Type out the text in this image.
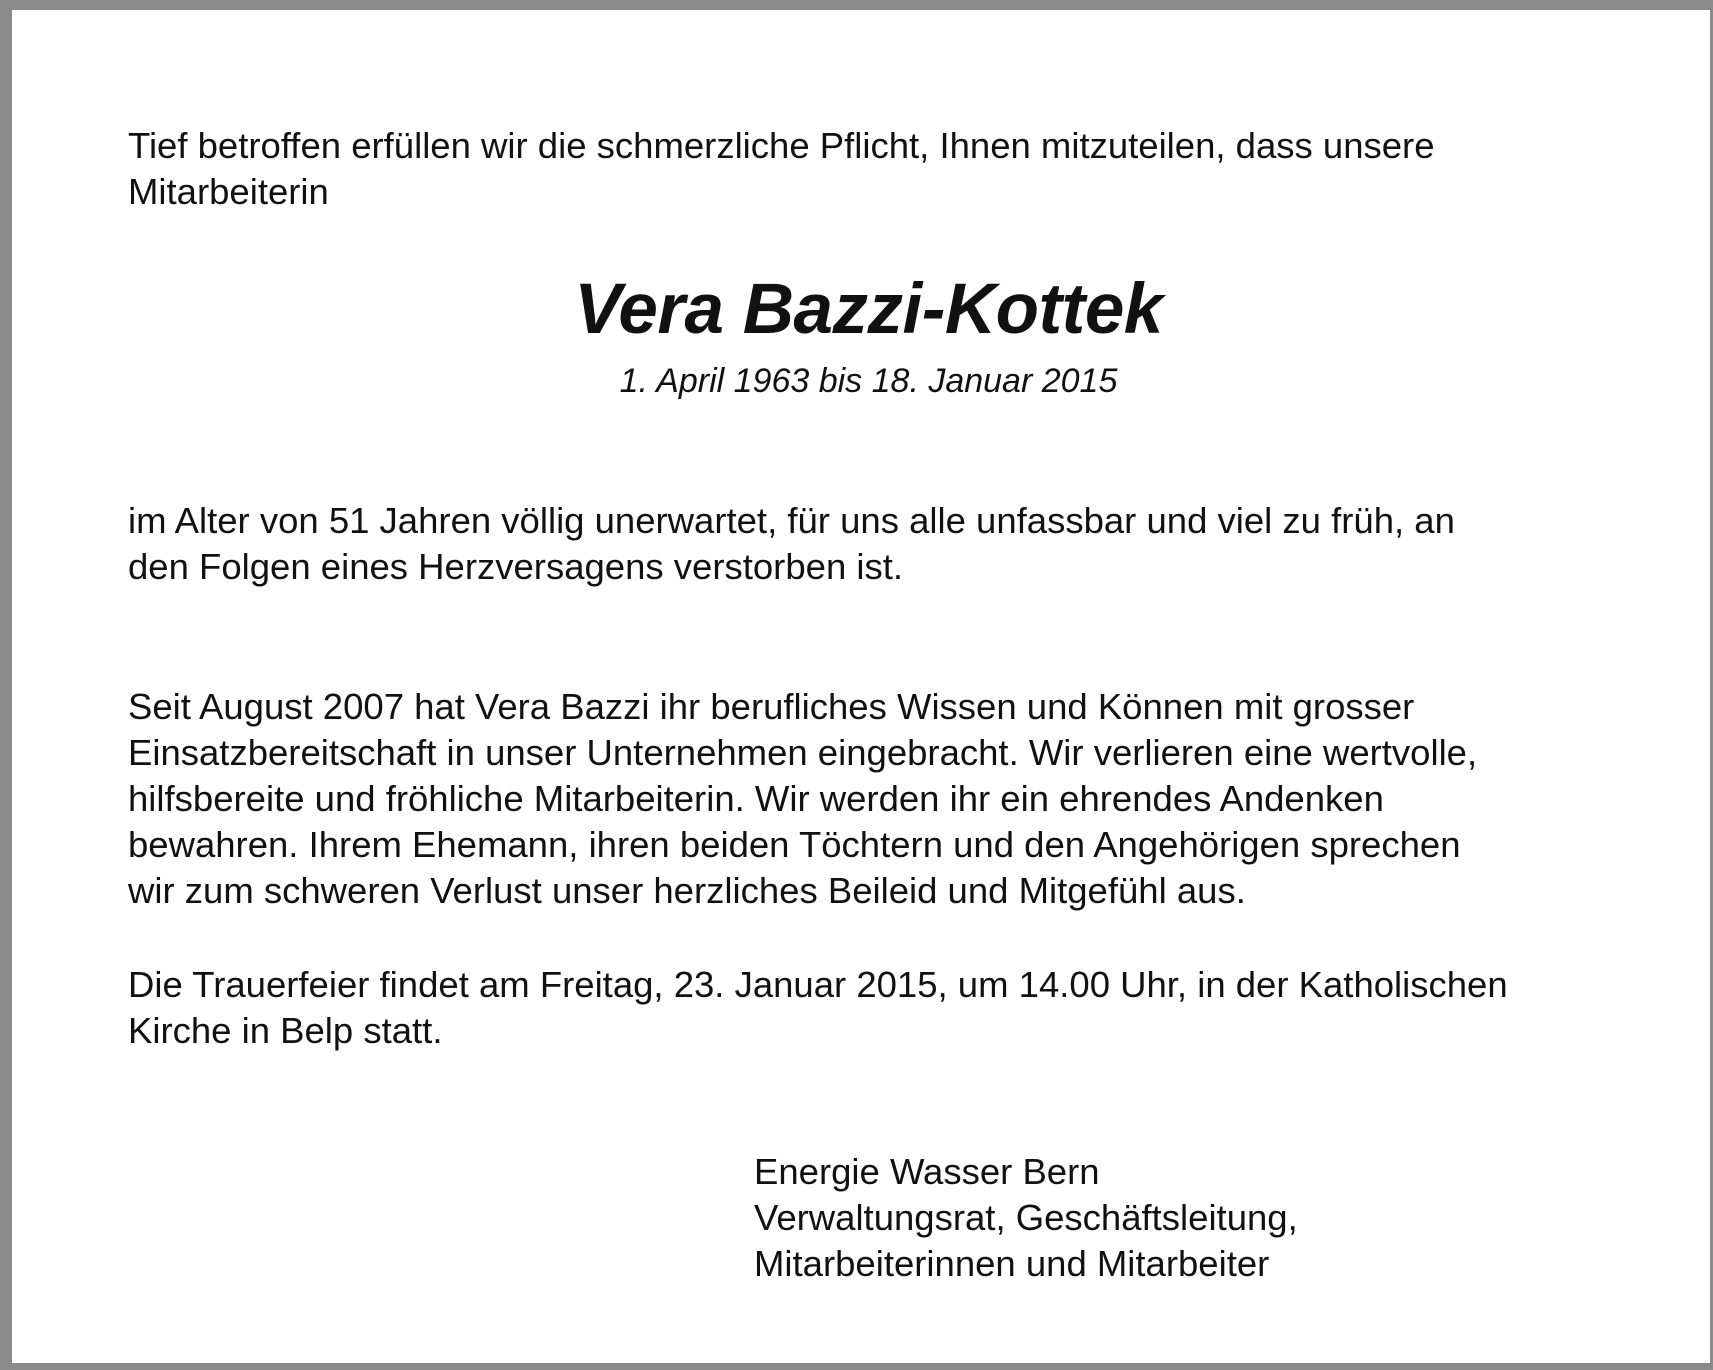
Tief betroffen erfüllen wir die schmerzliche Pflicht, Ihnen mitzuteilen, dass unsere
Mitarbeiterin

Vera Bazzi-Kottek

1. April 1963 bis 18. Januar 2015

im Alter von 51 Jahren völlig unerwartet, für uns alle unfassbar und viel zu früh, an
den Folgen eines Herzversagens verstorben ist.

Seit August 2007 hat Vera Bazzi ihr berufliches Wissen und Können mit grosser
Einsatzbereitschaft in unser Unternehmen eingebracht. Wir verlieren eine wertvolle,
hilfsbereite und fröhliche Mitarbeiterin. Wir werden ihr ein ehrendes Andenken
bewahren. Ihrem Ehemann, ihren beiden Töchtern und den Angehörigen sprechen
wir zum schweren Verlust unser herzliches Beileid und Mitgefühl aus.

Die Trauerfeier findet am Freitag, 23. Januar 2015, um 14.00 Uhr, in der Katholischen
Kirche in Belp statt.

Energie Wasser Bern
Verwaltungsrat, Geschäftsleitung,
Mitarbeiterinnen und Mitarbeiter
